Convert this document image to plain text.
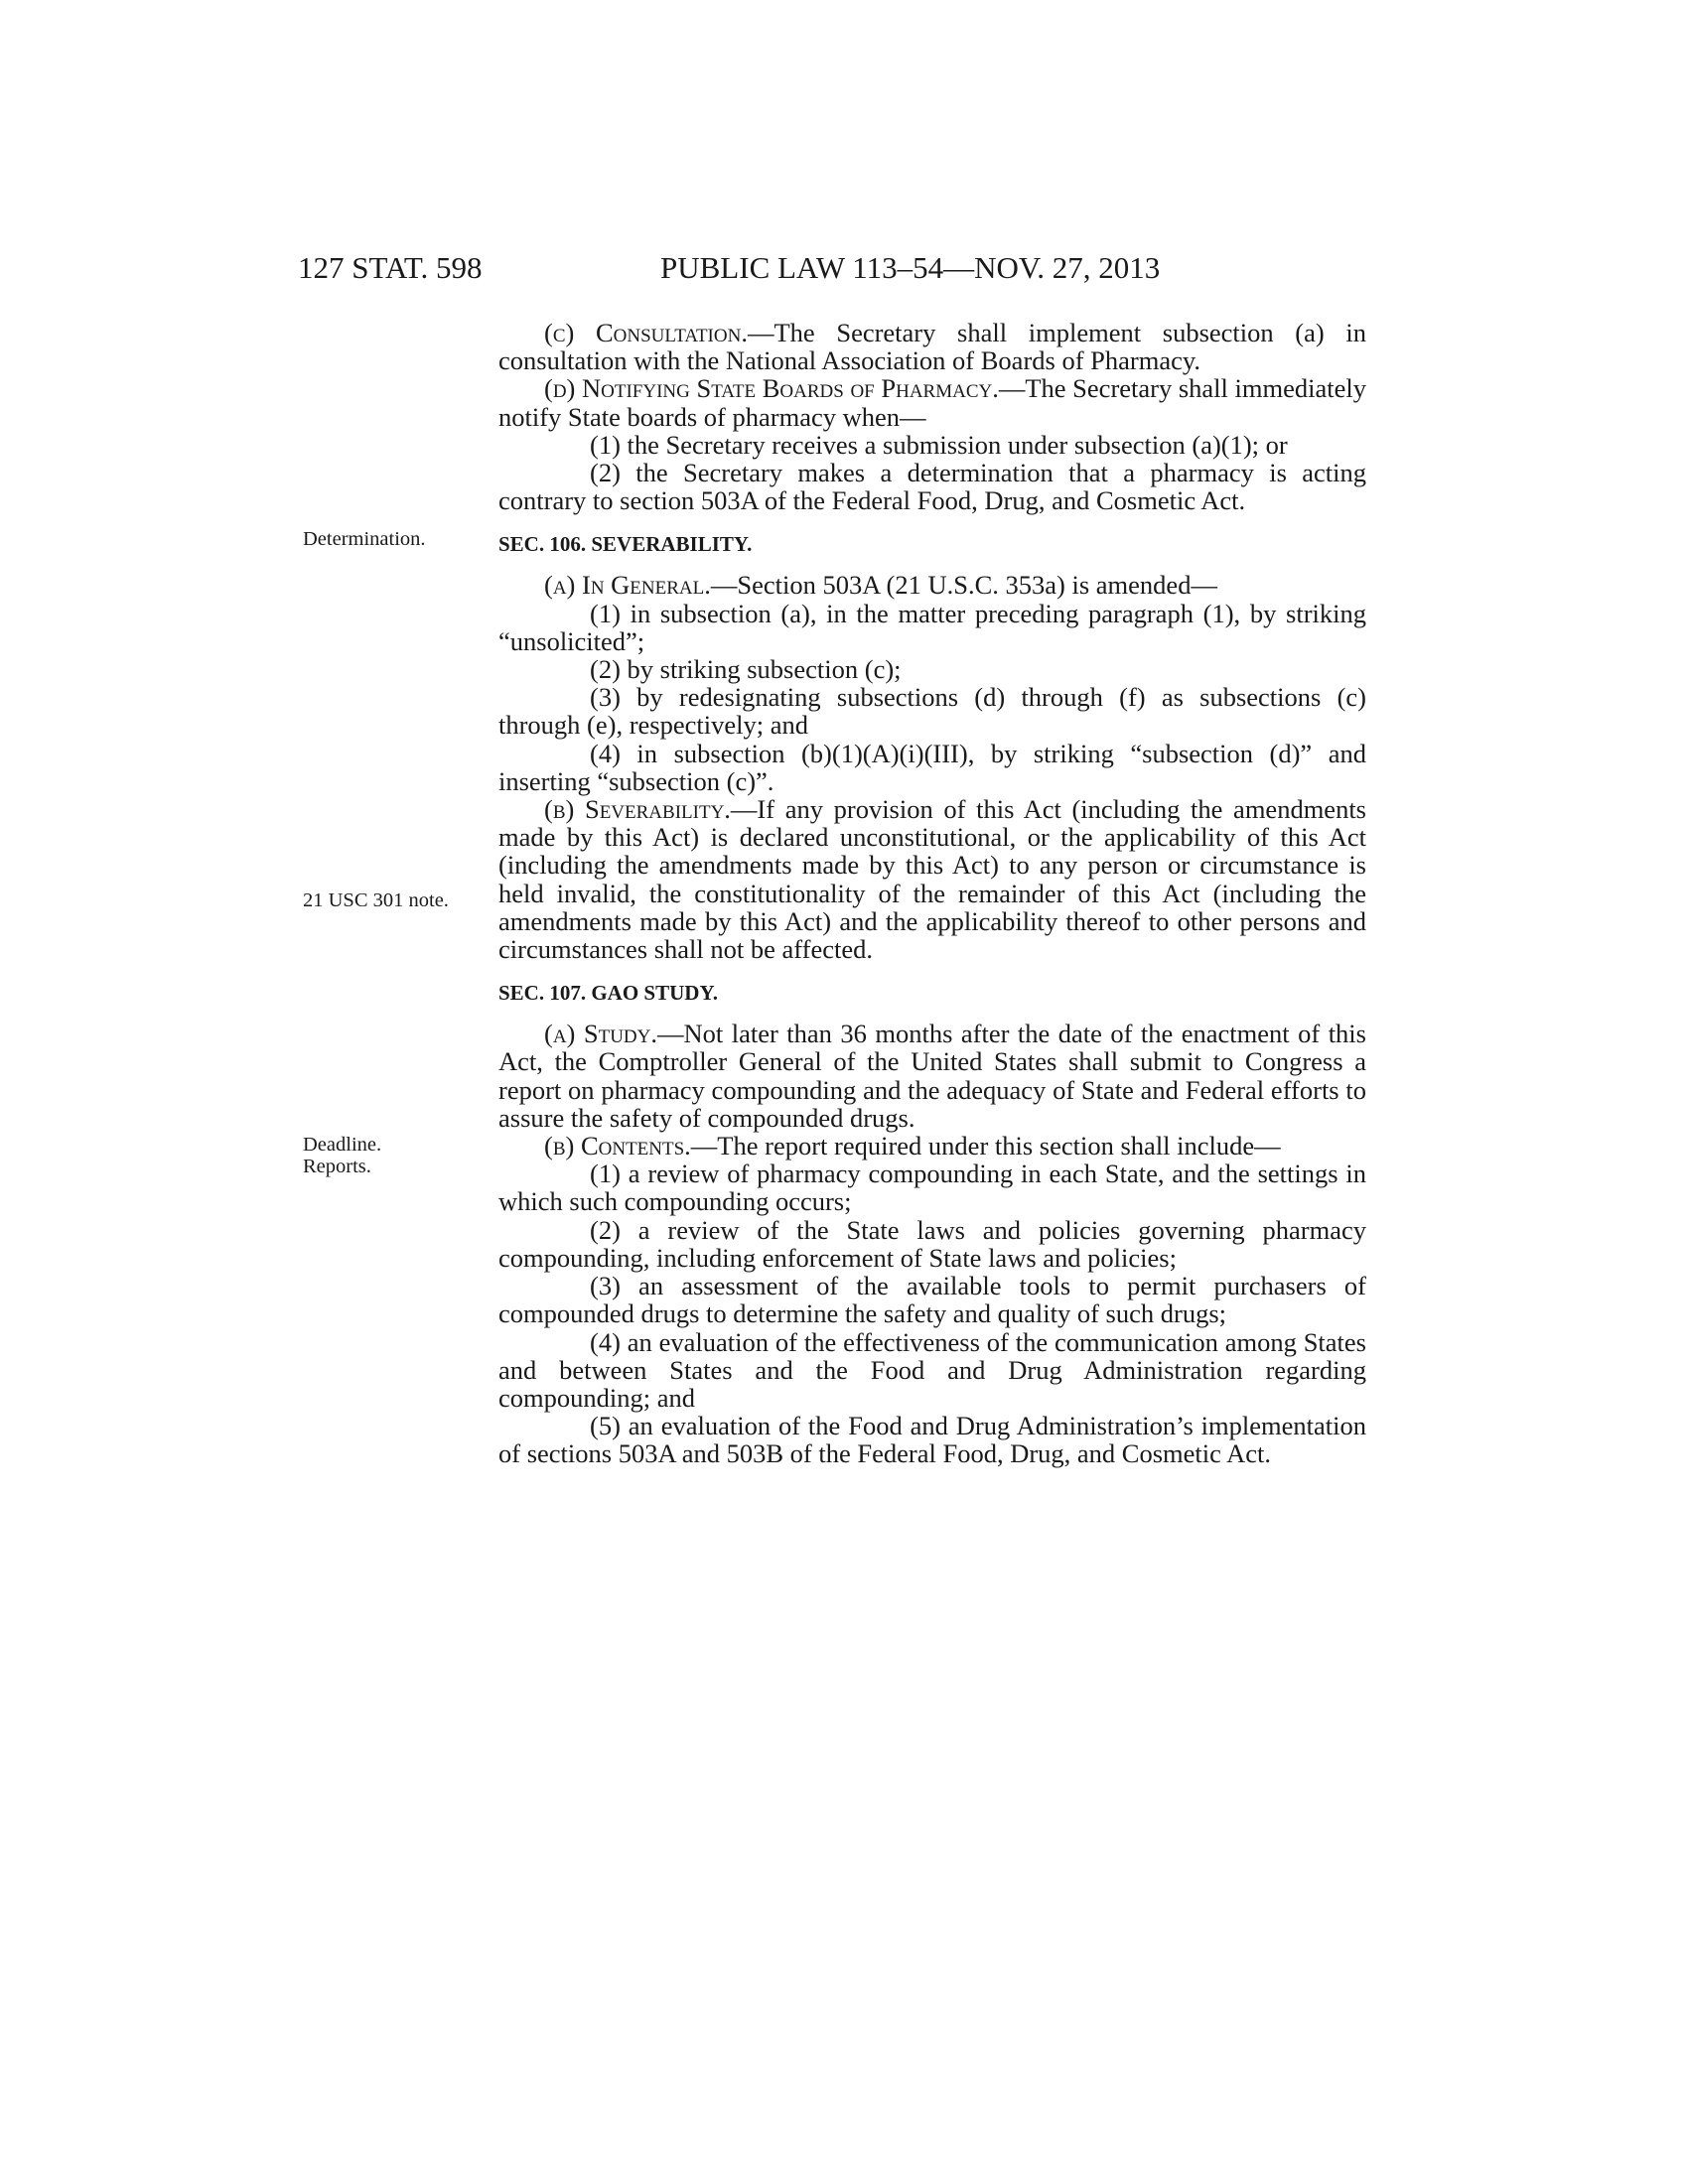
127 STAT. 598	PUBLIC LAW 113–54—NOV. 27, 2013
Determination.
21 USC 301 note.
Deadline.
Reports.

(c) Consultation.—The Secretary shall implement subsection (a) in consultation with the National Association of Boards of Pharmacy.

(d) Notifying State Boards of Pharmacy.—The Secretary shall immediately notify State boards of pharmacy when—

(1) the Secretary receives a submission under subsection (a)(1); or

(2) the Secretary makes a determination that a pharmacy is acting contrary to section 503A of the Federal Food, Drug, and Cosmetic Act.

SEC. 106. SEVERABILITY.

(a) In General.—Section 503A (21 U.S.C. 353a) is amended—

(1) in subsection (a), in the matter preceding paragraph (1), by striking “unsolicited”;

(2) by striking subsection (c);

(3) by redesignating subsections (d) through (f) as subsections (c) through (e), respectively; and

(4) in subsection (b)(1)(A)(i)(III), by striking “subsection (d)” and inserting “subsection (c)”.

(b) Severability.—If any provision of this Act (including the amendments made by this Act) is declared unconstitutional, or the applicability of this Act (including the amendments made by this Act) to any person or circumstance is held invalid, the constitutionality of the remainder of this Act (including the amendments made by this Act) and the applicability thereof to other persons and circumstances shall not be affected.

SEC. 107. GAO STUDY.

(a) Study.—Not later than 36 months after the date of the enactment of this Act, the Comptroller General of the United States shall submit to Congress a report on pharmacy compounding and the adequacy of State and Federal efforts to assure the safety of compounded drugs.

(b) Contents.—The report required under this section shall include—

(1) a review of pharmacy compounding in each State, and the settings in which such compounding occurs;

(2) a review of the State laws and policies governing pharmacy compounding, including enforcement of State laws and policies;

(3) an assessment of the available tools to permit purchasers of compounded drugs to determine the safety and quality of such drugs;

(4) an evaluation of the effectiveness of the communication among States and between States and the Food and Drug Administration regarding compounding; and

(5) an evaluation of the Food and Drug Administration’s implementation of sections 503A and 503B of the Federal Food, Drug, and Cosmetic Act.
